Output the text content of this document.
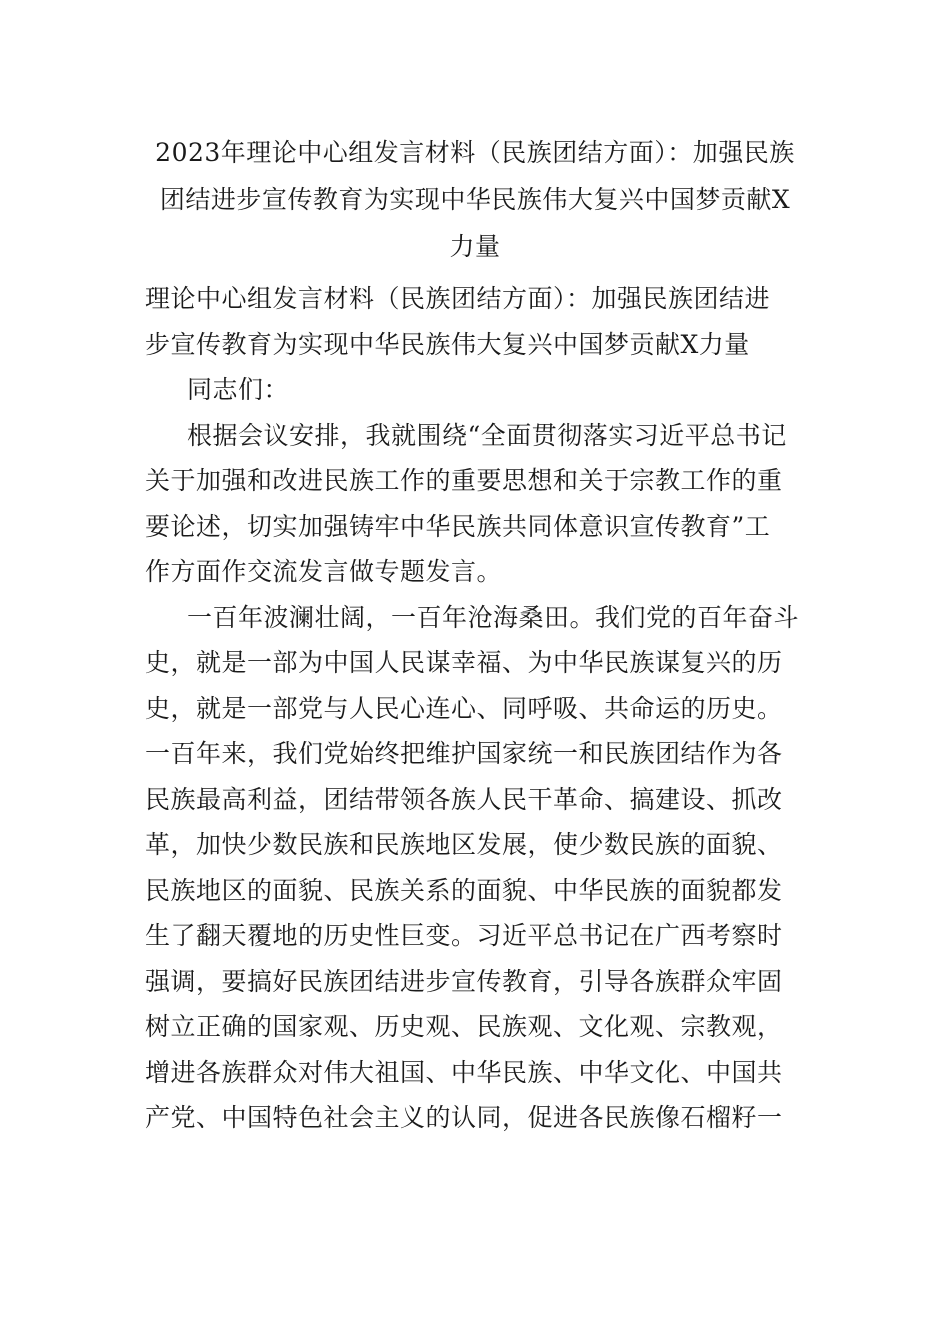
2023年理论中心组发言材料（民族团结方面）：加强民族
团结进步宣传教育为实现中华民族伟大复兴中国梦贡献X
力量
理论中心组发言材料（民族团结方面）：加强民族团结进
步宣传教育为实现中华民族伟大复兴中国梦贡献X力量
同志们：
根据会议安排，我就围绕“全面贯彻落实习近平总书记
关于加强和改进民族工作的重要思想和关于宗教工作的重
要论述，切实加强铸牢中华民族共同体意识宣传教育”工
作方面作交流发言做专题发言。
一百年波澜壮阔，一百年沧海桑田。我们党的百年奋斗
史，就是一部为中国人民谋幸福、为中华民族谋复兴的历
史，就是一部党与人民心连心、同呼吸、共命运的历史。
一百年来，我们党始终把维护国家统一和民族团结作为各
民族最高利益，团结带领各族人民干革命、搞建设、抓改
革，加快少数民族和民族地区发展，使少数民族的面貌、
民族地区的面貌、民族关系的面貌、中华民族的面貌都发
生了翻天覆地的历史性巨变。习近平总书记在广西考察时
强调，要搞好民族团结进步宣传教育，引导各族群众牢固
树立正确的国家观、历史观、民族观、文化观、宗教观，
增进各族群众对伟大祖国、中华民族、中华文化、中国共
产党、中国特色社会主义的认同，促进各民族像石榴籽一
